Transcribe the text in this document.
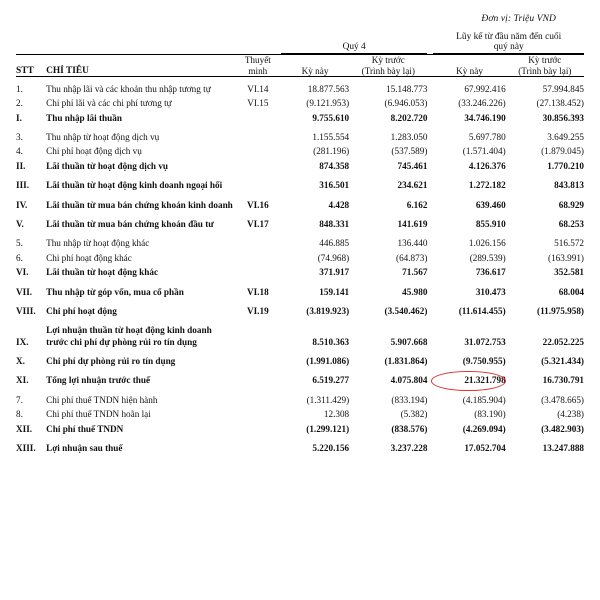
Đơn vị: Triệu VND

			Quý 4			Lũy kế từ đầu năm đến cuối
quý này	

STT	CHỈ TIÊU	
Thuyết
minh	Kỳ này	
Kỳ trước
(Trình bày lại)		Kỳ này	
Kỳ trước
(Trình bày lại)

1.	Thu nhập lãi và các khoản thu nhập tương tự	VI.14	18.877.563	15.148.773		67.992.416	57.994.845
2.	Chi phí lãi và các chi phí tương tự	VI.15	(9.121.953)	(6.946.053)		(33.246.226)	(27.138.452)
I.	Thu nhập lãi thuần		9.755.610	8.202.720		34.746.190	30.856.393

3.	Thu nhập từ hoạt động dịch vụ		1.155.554	1.283.050		5.697.780	3.649.255
4.	Chi phí hoạt động dịch vụ		(281.196)	(537.589)		(1.571.404)	(1.879.045)
II.	Lãi thuần từ hoạt động dịch vụ		874.358	745.461		4.126.376	1.770.210

III.	Lãi thuần từ hoạt động kinh doanh ngoại hối		316.501	234.621		1.272.182	843.813

IV.	Lãi thuần từ mua bán chứng khoán kinh doanh	VI.16	4.428	6.162		639.460	68.929

V.	Lãi thuần từ mua bán chứng khoán đầu tư	VI.17	848.331	141.619		855.910	68.253

5.	Thu nhập từ hoạt động khác		446.885	136.440		1.026.156	516.572
6.	Chi phí hoạt động khác		(74.968)	(64.873)		(289.539)	(163.991)
VI.	Lãi thuần từ hoạt động khác		371.917	71.567		736.617	352.581

VII.	Thu nhập từ góp vốn, mua cổ phần	VI.18	159.141	45.980		310.473	68.004

VIII.	Chi phí hoạt động	VI.19	(3.819.923)	(3.540.462)		(11.614.455)	(11.975.958)

IX.	Lợi nhuận thuần từ hoạt động kinh doanh trước chi phí dự phòng rủi ro tín dụng		8.510.363	5.907.668		31.072.753	22.052.225

X.	Chi phí dự phòng rủi ro tín dụng		(1.991.086)	(1.831.864)		(9.750.955)	(5.321.434)

XI.	Tổng lợi nhuận trước thuế		6.519.277	4.075.804		21.321.798	16.730.791

7.	Chi phí thuế TNDN hiện hành		(1.311.429)	(833.194)		(4.185.904)	(3.478.665)
8.	Chi phí thuế TNDN hoãn lại		12.308	(5.382)		(83.190)	(4.238)
XII.	Chi phí thuế TNDN		(1.299.121)	(838.576)		(4.269.094)	(3.482.903)

XIII.	Lợi nhuận sau thuế		5.220.156	3.237.228		17.052.704	13.247.888
